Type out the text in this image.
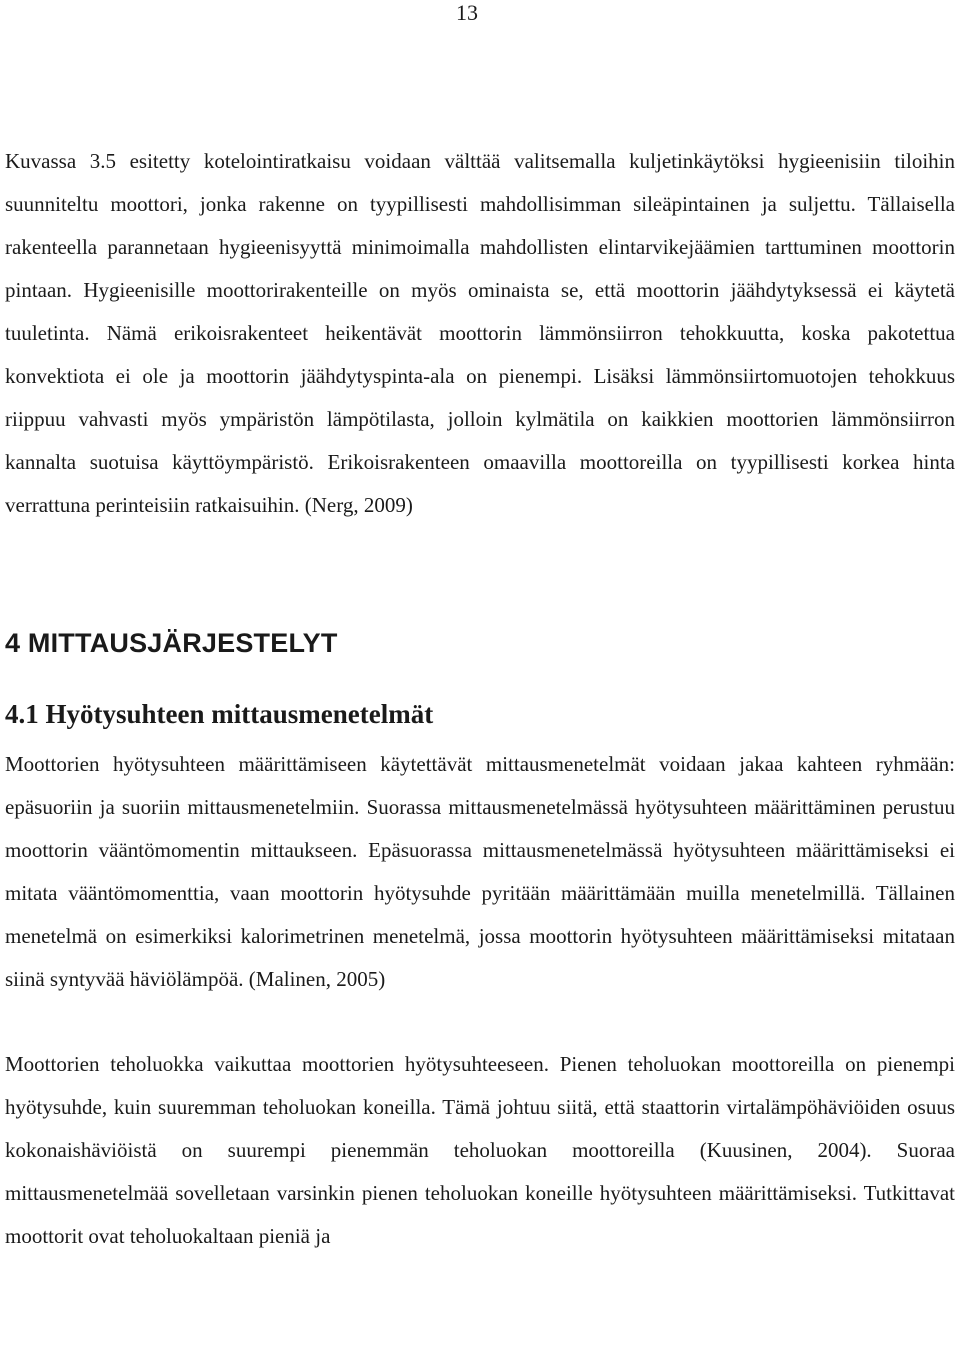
13

Kuvassa 3.5 esitetty kotelointiratkaisu voidaan välttää valitsemalla kuljetinkäytöksi hygieenisiin tiloihin suunniteltu moottori, jonka rakenne on tyypillisesti mahdollisimman sileäpintainen ja suljettu. Tällaisella rakenteella parannetaan hygieenisyyttä minimoimalla mahdollisten elintarvikejäämien tarttuminen moottorin pintaan. Hygieenisille moottorirakenteille on myös ominaista se, että moottorin jäähdytyksessä ei käytetä tuuletinta. Nämä erikoisrakenteet heikentävät moottorin lämmönsiirron tehokkuutta, koska pakotettua konvektiota ei ole ja moottorin jäähdytyspinta-ala on pienempi. Lisäksi lämmönsiirtomuotojen tehokkuus riippuu vahvasti myös ympäristön lämpötilasta, jolloin kylmätila on kaikkien moottorien lämmönsiirron kannalta suotuisa käyttöympäristö. Erikoisrakenteen omaavilla moottoreilla on tyypillisesti korkea hinta verrattuna perinteisiin ratkaisuihin. (Nerg, 2009)

4 MITTAUSJÄRJESTELYT
4.1 Hyötysuhteen mittausmenetelmät

Moottorien hyötysuhteen määrittämiseen käytettävät mittausmenetelmät voidaan jakaa kahteen ryhmään: epäsuoriin ja suoriin mittausmenetelmiin. Suorassa mittausmenetelmässä hyötysuhteen määrittäminen perustuu moottorin vääntömomentin mittaukseen. Epäsuorassa mittausmenetelmässä hyötysuhteen määrittämiseksi ei mitata vääntömomenttia, vaan moottorin hyötysuhde pyritään määrittämään muilla menetelmillä. Tällainen menetelmä on esimerkiksi kalorimetrinen menetelmä, jossa moottorin hyötysuhteen määrittämiseksi mitataan siinä syntyvää häviölämpöä. (Malinen, 2005)

Moottorien teholuokka vaikuttaa moottorien hyötysuhteeseen. Pienen teholuokan moottoreilla on pienempi hyötysuhde, kuin suuremman teholuokan koneilla. Tämä johtuu siitä, että staattorin virtalämpöhäviöiden osuus kokonaishäviöistä on suurempi pienemmän teholuokan moottoreilla (Kuusinen, 2004). Suoraa mittausmenetelmää sovelletaan varsinkin pienen teholuokan koneille hyötysuhteen määrittämiseksi. Tutkittavat moottorit ovat teholuokaltaan pieniä ja
